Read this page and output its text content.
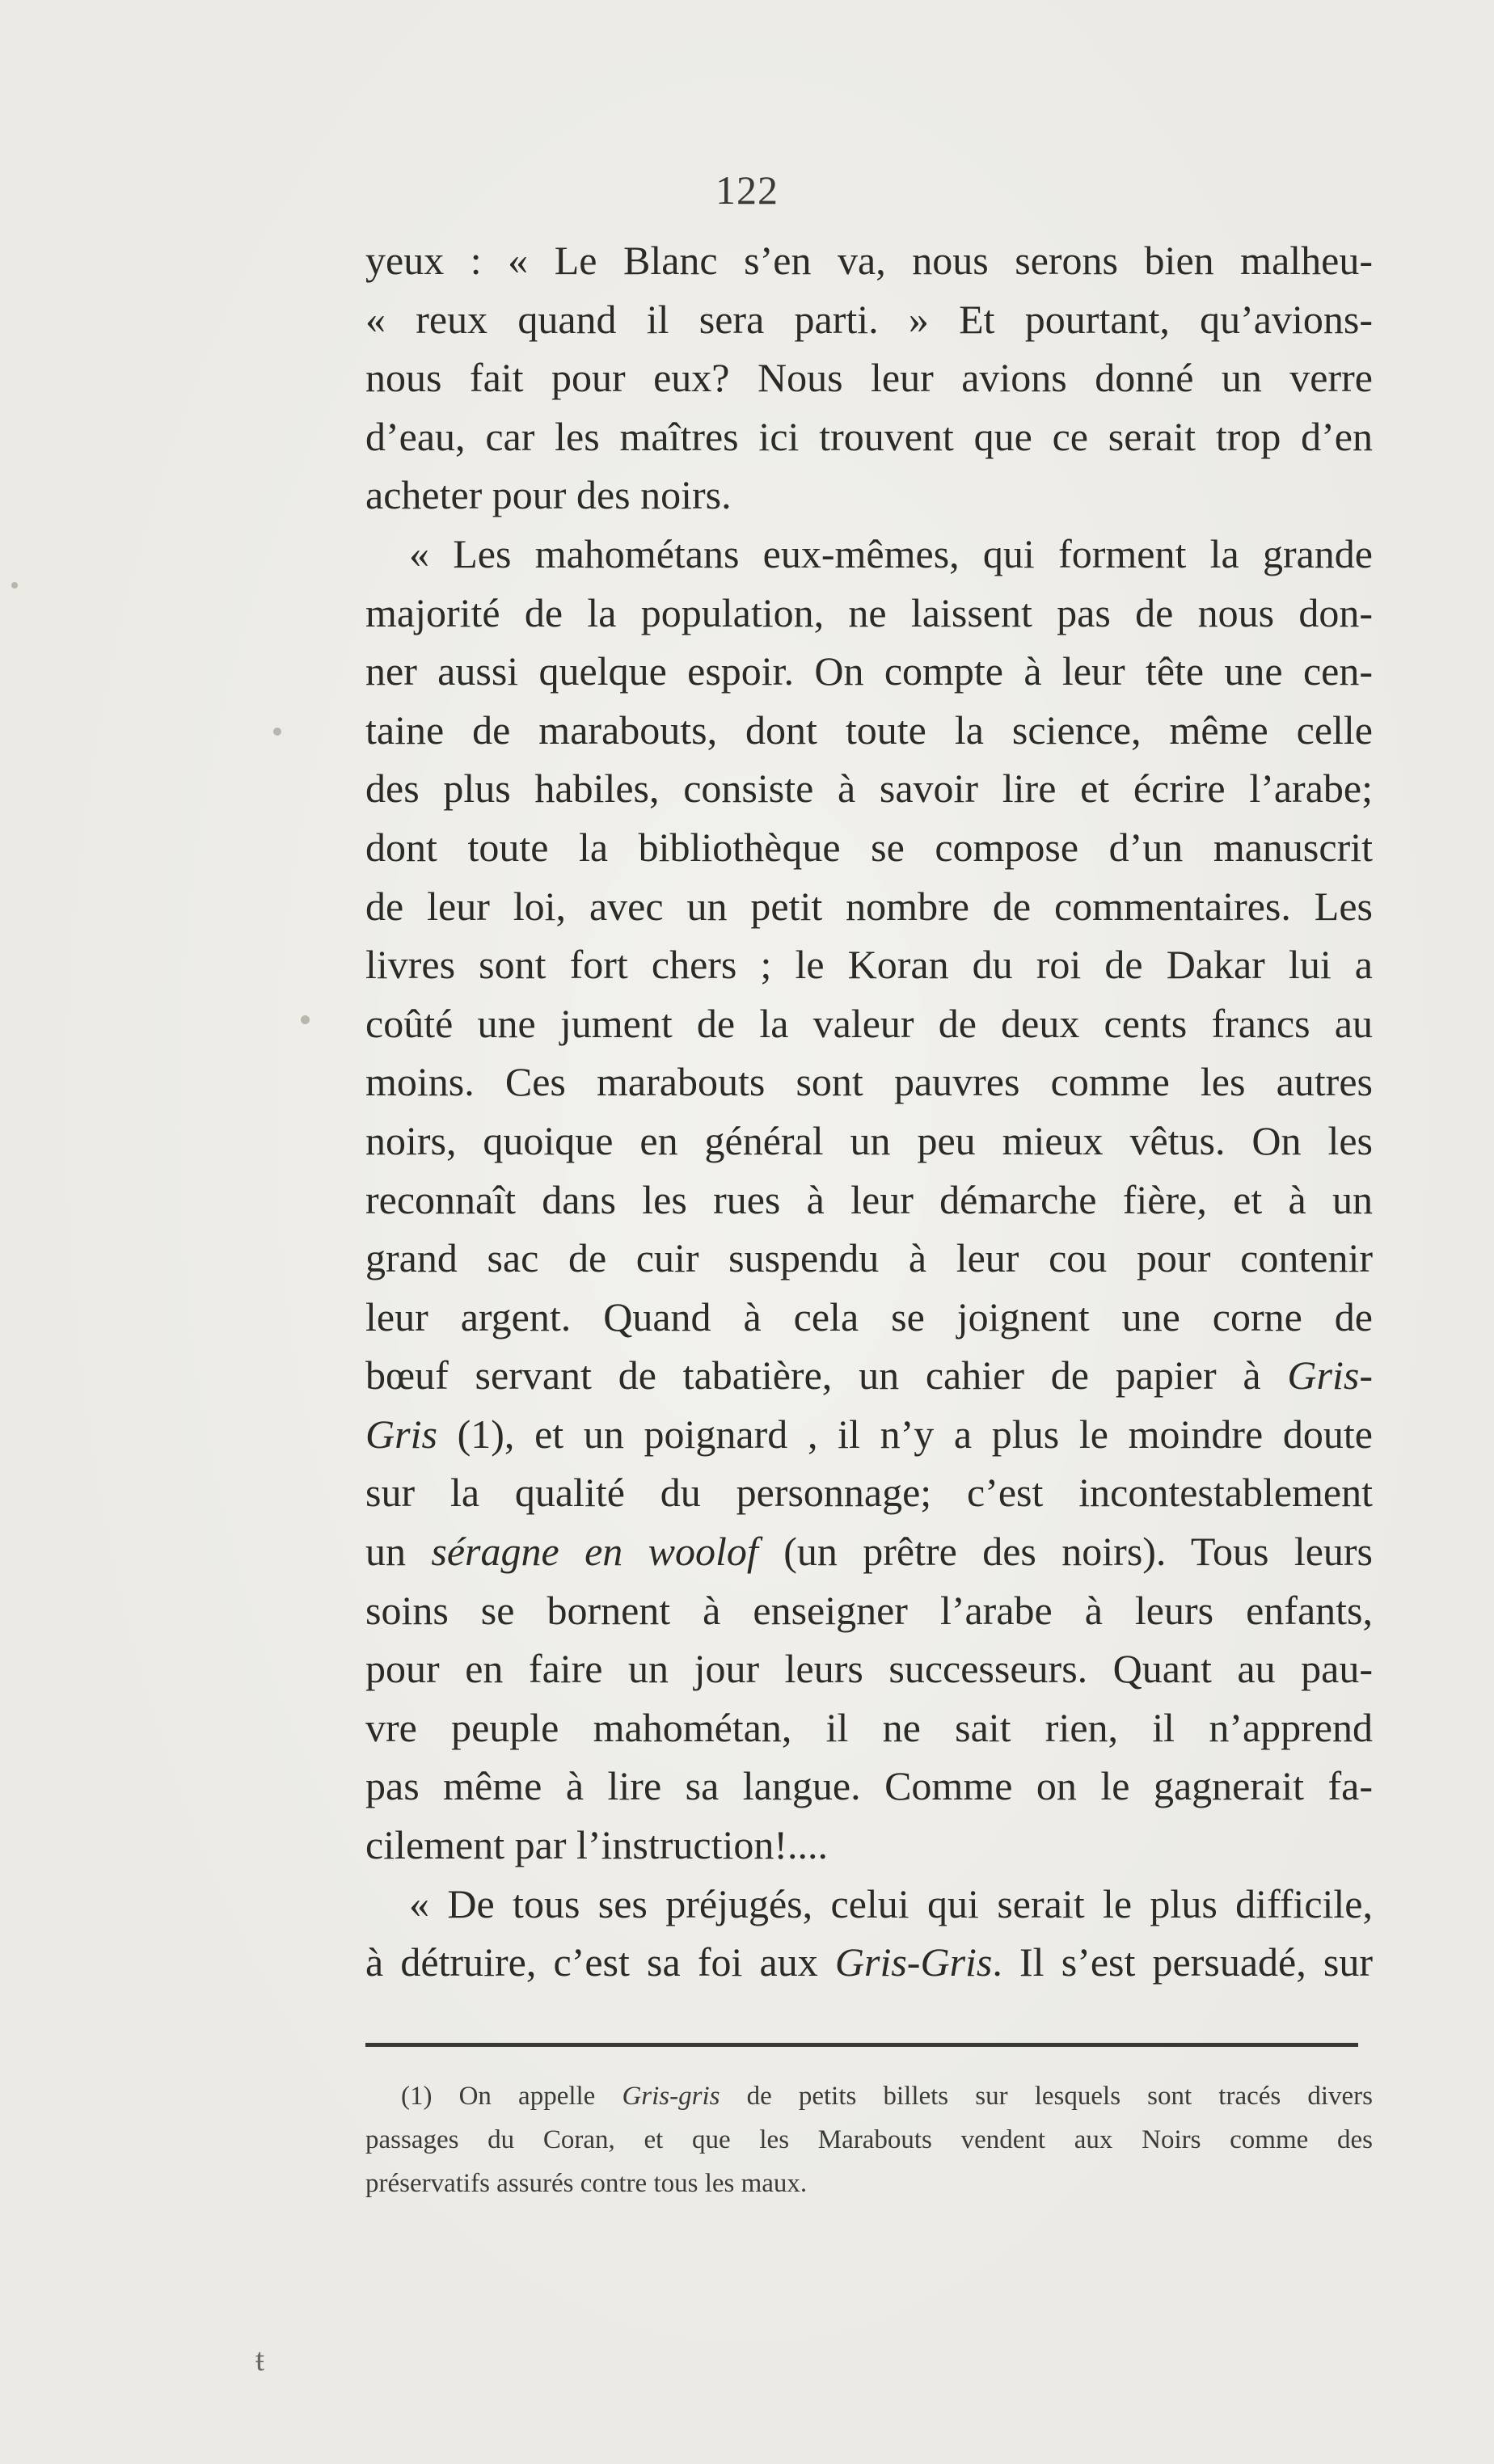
122
yeux : « Le Blanc s’en va, nous serons bien malheu-
« reux quand il sera parti. » Et pourtant, qu’avions-
nous fait pour eux? Nous leur avions donné un verre
d’eau, car les maîtres ici trouvent que ce serait trop d’en
acheter pour des noirs.
« Les mahométans eux-mêmes, qui forment la grande
majorité de la population, ne laissent pas de nous don-
ner aussi quelque espoir. On compte à leur tête une cen-
taine de marabouts, dont toute la science, même celle
des plus habiles, consiste à savoir lire et écrire l’arabe;
dont toute la bibliothèque se compose d’un manuscrit
de leur loi, avec un petit nombre de commentaires. Les
livres sont fort chers ; le Koran du roi de Dakar lui a
coûté une jument de la valeur de deux cents francs au
moins. Ces marabouts sont pauvres comme les autres
noirs, quoique en général un peu mieux vêtus. On les
reconnaît dans les rues à leur démarche fière, et à un
grand sac de cuir suspendu à leur cou pour contenir
leur argent. Quand à cela se joignent une corne de
bœuf servant de tabatière, un cahier de papier à Gris-
Gris (1), et un poignard , il n’y a plus le moindre doute
sur la qualité du personnage; c’est incontestablement
un séragne en woolof (un prêtre des noirs). Tous leurs
soins se bornent à enseigner l’arabe à leurs enfants,
pour en faire un jour leurs successeurs. Quant au pau-
vre peuple mahométan, il ne sait rien, il n’apprend
pas même à lire sa langue. Comme on le gagnerait fa-
cilement par l’instruction!....
« De tous ses préjugés, celui qui serait le plus difficile,
à détruire, c’est sa foi aux Gris-Gris. Il s’est persuadé, sur
(1) On appelle Gris-gris de petits billets sur lesquels sont tracés divers
passages du Coran, et que les Marabouts vendent aux Noirs comme des
préservatifs assurés contre tous les maux.
ŧ
